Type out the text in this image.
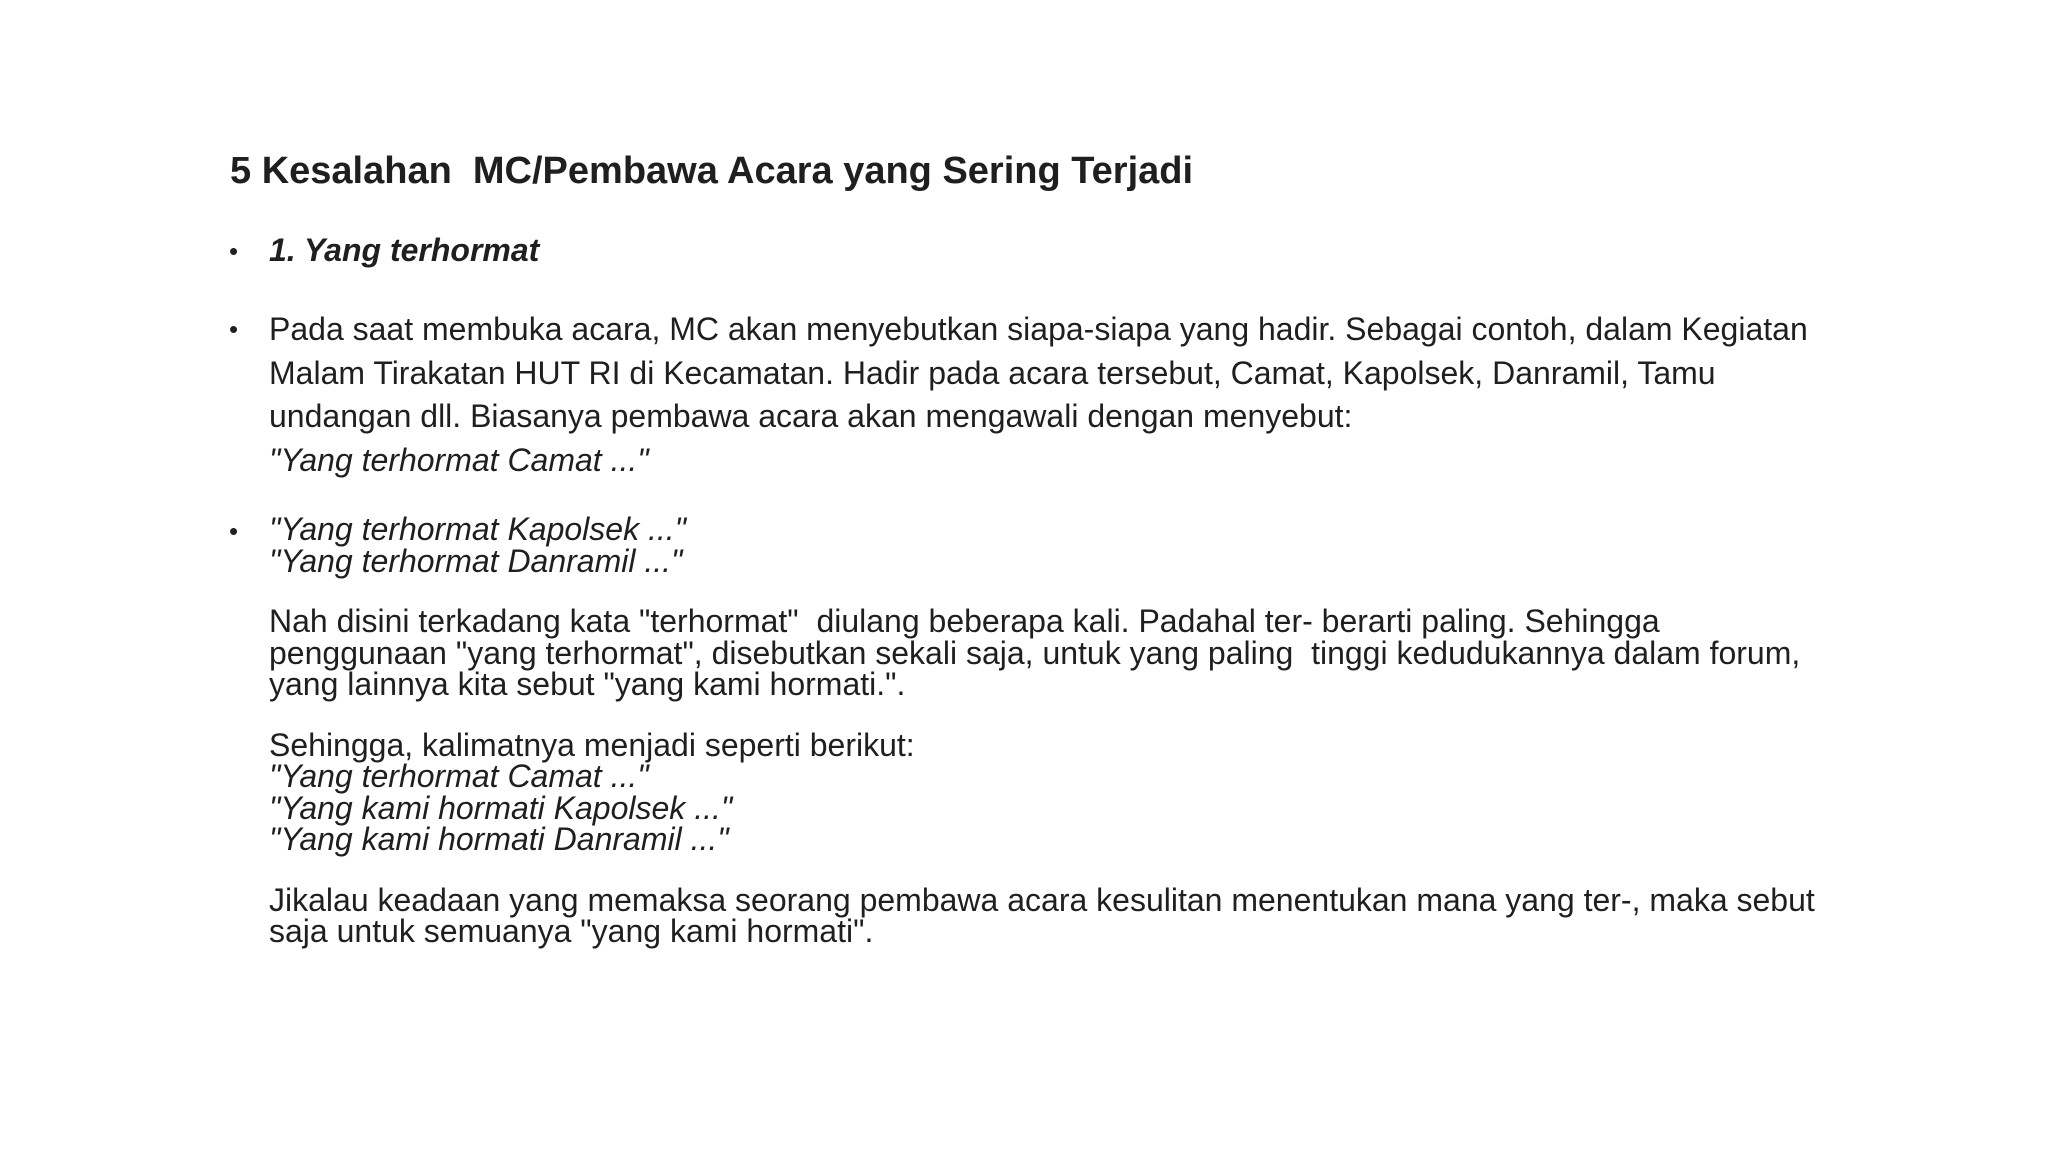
5 Kesalahan  MC/Pembawa Acara yang Sering Terjadi
• 1. Yang terhormat
• Pada saat membuka acara, MC akan menyebutkan siapa-siapa yang hadir. Sebagai contoh, dalam Kegiatan
Malam Tirakatan HUT RI di Kecamatan. Hadir pada acara tersebut, Camat, Kapolsek, Danramil, Tamu
undangan dll. Biasanya pembawa acara akan mengawali dengan menyebut:
"Yang terhormat Camat ..."
• "Yang terhormat Kapolsek ..."
"Yang terhormat Danramil ..."
Nah disini terkadang kata "terhormat"  diulang beberapa kali. Padahal ter- berarti paling. Sehingga
penggunaan "yang terhormat", disebutkan sekali saja, untuk yang paling  tinggi kedudukannya dalam forum,
yang lainnya kita sebut "yang kami hormati.".
Sehingga, kalimatnya menjadi seperti berikut:
"Yang terhormat Camat ..."
"Yang kami hormati Kapolsek ..."
"Yang kami hormati Danramil ..."
Jikalau keadaan yang memaksa seorang pembawa acara kesulitan menentukan mana yang ter-, maka sebut
saja untuk semuanya "yang kami hormati".
